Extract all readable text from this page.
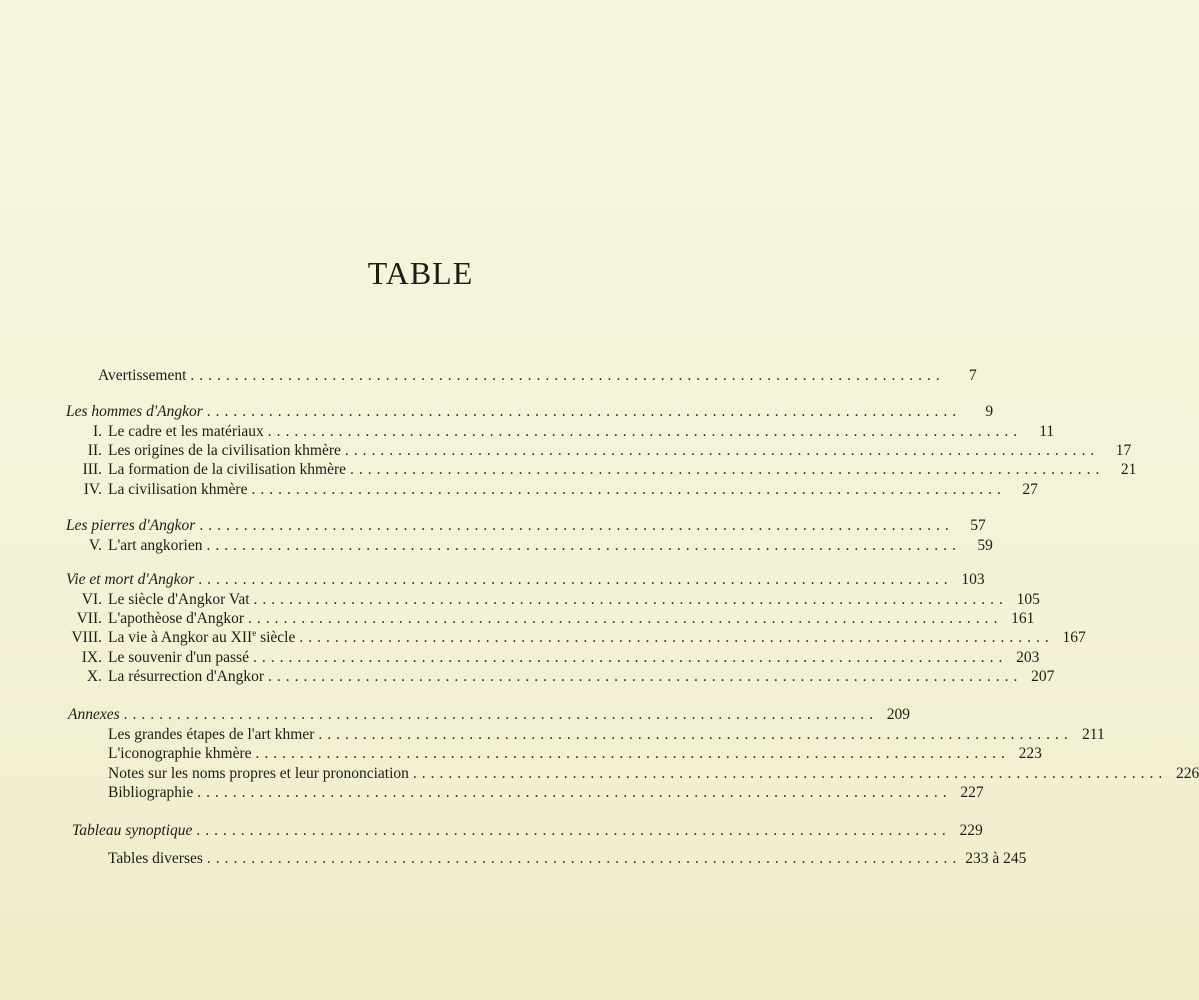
TABLE
Avertissement .....................................................................................	7
Les hommes d'Angkor .....................................................................................	9
I. Le cadre et les matériaux .....................................................................................	11
II. Les origines de la civilisation khmère .....................................................................................	17
III. La formation de la civilisation khmère .....................................................................................	21
IV. La civilisation khmère .....................................................................................	27
Les pierres d'Angkor .....................................................................................	57
V. L'art angkorien .....................................................................................	59
Vie et mort d'Angkor ..................................................................................... 103
VI. Le siècle d'Angkor Vat ..................................................................................... 105
VII. L'apothèose d'Angkor ..................................................................................... 161
VIII. La vie à Angkor au XIIe siècle ..................................................................................... 167
IX. Le souvenir d'un passé ..................................................................................... 203
X. La résurrection d'Angkor ..................................................................................... 207
Annexes ..................................................................................... 209
Les grandes étapes de l'art khmer ..................................................................................... 211
L'iconographie khmère ..................................................................................... 223
Notes sur les noms propres et leur prononciation ..................................................................................... 226
Bibliographie ..................................................................................... 227
Tableau synoptique ..................................................................................... 229
Tables diverses ..................................................................................... 233 à 245
